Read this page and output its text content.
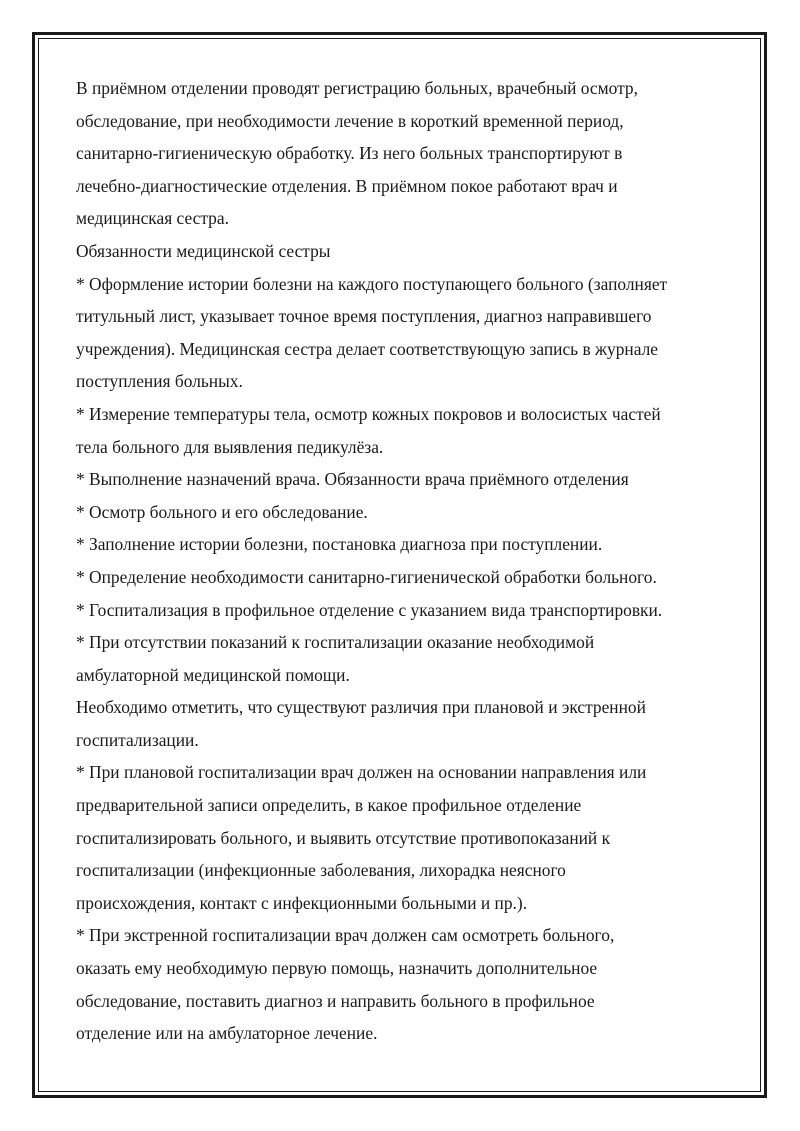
В приёмном отделении проводят регистрацию больных, врачебный осмотр,
обследование, при необходимости лечение в короткий временной период,
санитарно-гигиеническую обработку. Из него больных транспортируют в
лечебно-диагностические отделения. В приёмном покое работают врач и
медицинская сестра.
Обязанности медицинской сестры
* Оформление истории болезни на каждого поступающего больного (заполняет
титульный лист, указывает точное время поступления, диагноз направившего
учреждения). Медицинская сестра делает соответствующую запись в журнале
поступления больных.
* Измерение температуры тела, осмотр кожных покровов и волосистых частей
тела больного для выявления педикулёза.
* Выполнение назначений врача. Обязанности врача приёмного отделения
* Осмотр больного и его обследование.
* Заполнение истории болезни, постановка диагноза при поступлении.
* Определение необходимости санитарно-гигиенической обработки больного.
* Госпитализация в профильное отделение с указанием вида транспортировки.
* При отсутствии показаний к госпитализации оказание необходимой
амбулаторной медицинской помощи.
Необходимо отметить, что существуют различия при плановой и экстренной
госпитализации.
* При плановой госпитализации врач должен на основании направления или
предварительной записи определить, в какое профильное отделение
госпитализировать больного, и выявить отсутствие противопоказаний к
госпитализации (инфекционные заболевания, лихорадка неясного
происхождения, контакт с инфекционными больными и пр.).
* При экстренной госпитализации врач должен сам осмотреть больного,
оказать ему необходимую первую помощь, назначить дополнительное
обследование, поставить диагноз и направить больного в профильное
отделение или на амбулаторное лечение.
